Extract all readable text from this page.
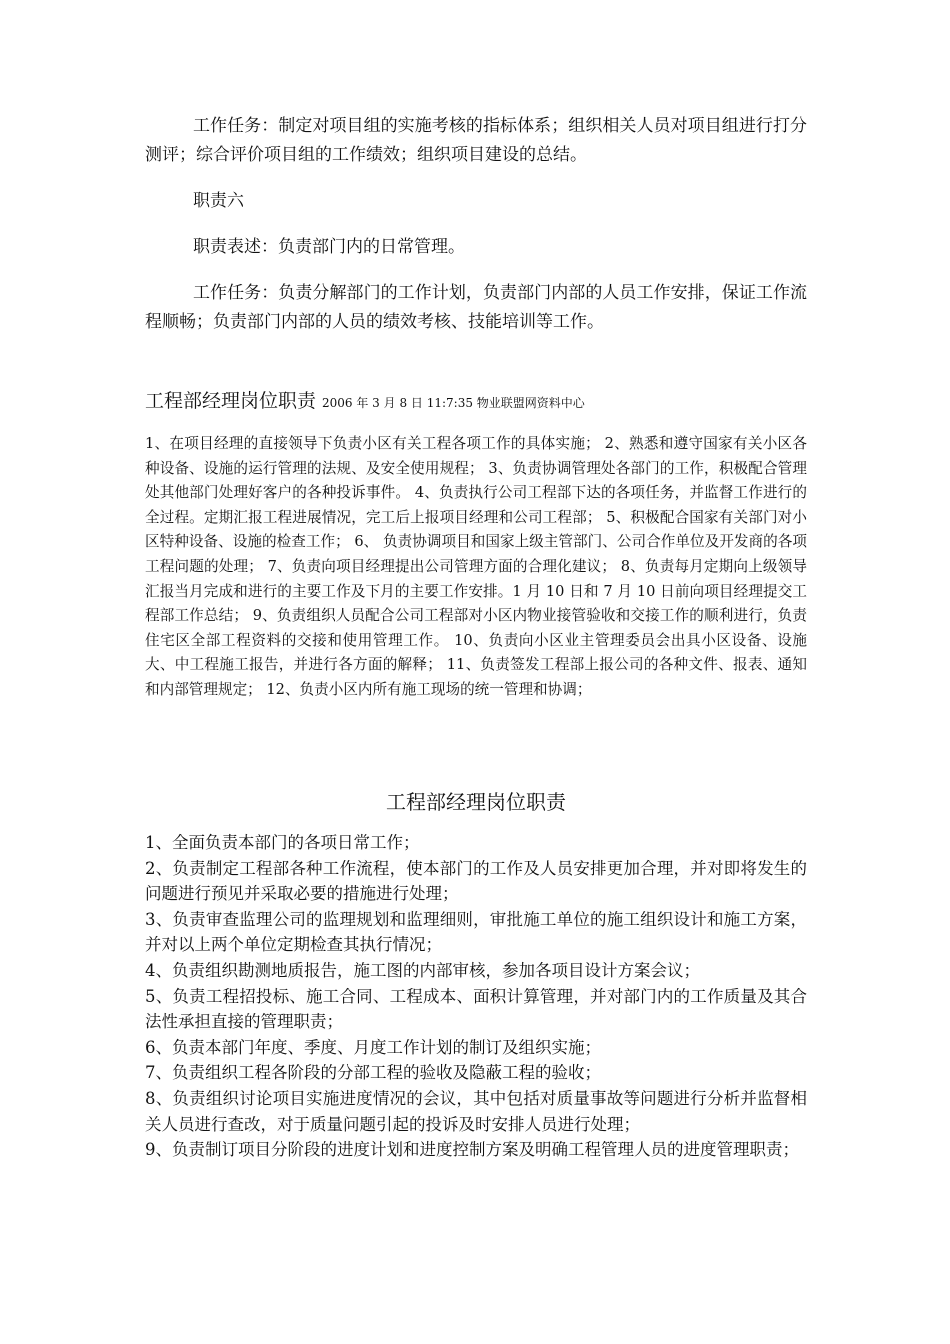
工作任务：制定对项目组的实施考核的指标体系；组织相关人员对项目组进行打分测评；综合评价项目组的工作绩效；组织项目建设的总结。

职责六

职责表述：负责部门内的日常管理。

工作任务：负责分解部门的工作计划，负责部门内部的人员工作安排，保证工作流程顺畅；负责部门内部的人员的绩效考核、技能培训等工作。

工程部经理岗位职责 2006 年 3 月 8 日 11:7:35 物业联盟网资料中心

1、在项目经理的直接领导下负责小区有关工程各项工作的具体实施； 2、熟悉和遵守国家有关小区各种设备、设施的运行管理的法规、及安全使用规程； 3、负责协调管理处各部门的工作，积极配合管理处其他部门处理好客户的各种投诉事件。 4、负责执行公司工程部下达的各项任务，并监督工作进行的全过程。定期汇报工程进展情况，完工后上报项目经理和公司工程部； 5、积极配合国家有关部门对小区特种设备、设施的检查工作； 6、 负责协调项目和国家上级主管部门、公司合作单位及开发商的各项工程问题的处理； 7、负责向项目经理提出公司管理方面的合理化建议； 8、负责每月定期向上级领导汇报当月完成和进行的主要工作及下月的主要工作安排。1 月 10 日和 7 月 10 日前向项目经理提交工程部工作总结； 9、负责组织人员配合公司工程部对小区内物业接管验收和交接工作的顺利进行，负责住宅区全部工程资料的交接和使用管理工作。 10、负责向小区业主管理委员会出具小区设备、设施大、中工程施工报告，并进行各方面的解释； 11、负责签发工程部上报公司的各种文件、报表、通知和内部管理规定； 12、负责小区内所有施工现场的统一管理和协调；

工程部经理岗位职责
1、全面负责本部门的各项日常工作；
2、负责制定工程部各种工作流程，使本部门的工作及人员安排更加合理，并对即将发生的问题进行预见并采取必要的措施进行处理；
3、负责审查监理公司的监理规划和监理细则，审批施工单位的施工组织设计和施工方案，并对以上两个单位定期检查其执行情况；
4、负责组织勘测地质报告，施工图的内部审核，参加各项目设计方案会议；
5、负责工程招投标、施工合同、工程成本、面积计算管理，并对部门内的工作质量及其合法性承担直接的管理职责；
6、负责本部门年度、季度、月度工作计划的制订及组织实施；
7、负责组织工程各阶段的分部工程的验收及隐蔽工程的验收；
8、负责组织讨论项目实施进度情况的会议，其中包括对质量事故等问题进行分析并监督相关人员进行查改，对于质量问题引起的投诉及时安排人员进行处理；
9、负责制订项目分阶段的进度计划和进度控制方案及明确工程管理人员的进度管理职责；
